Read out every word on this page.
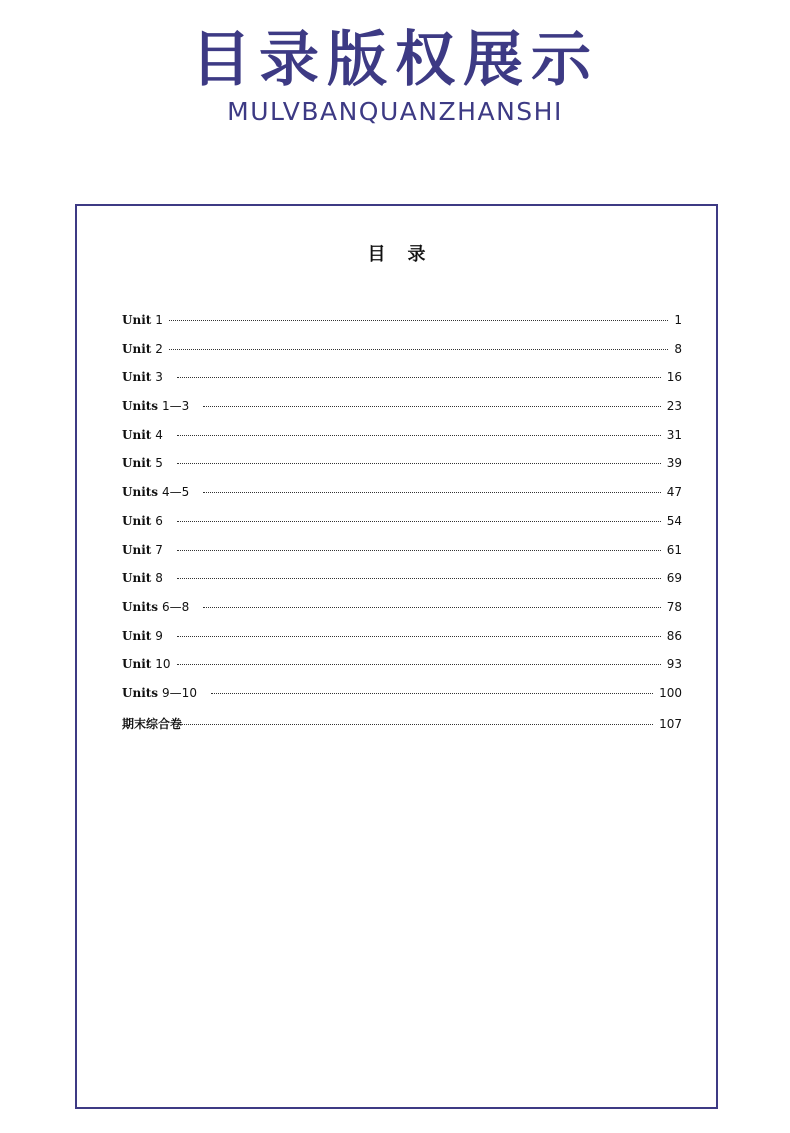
目录版权展示
MULVBANQUANZHANSHI
目 录
Unit 1	1
Unit 2	8
Unit 3	16
Units 1—3	23
Unit 4	31
Unit 5	39
Units 4—5	47
Unit 6	54
Unit 7	61
Unit 8	69
Units 6—8	78
Unit 9	86
Unit 10	93
Units 9—10	100
期末综合卷	107
